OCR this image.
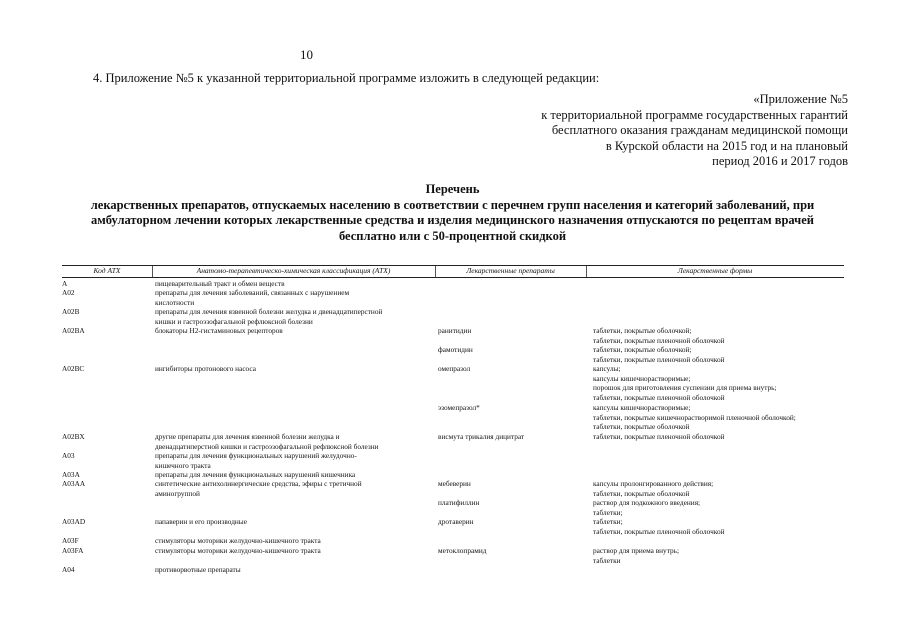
10
4. Приложение №5 к указанной территориальной программе изложить в следующей редакции:
«Приложение №5
к территориальной программе государственных гарантий
бесплатного оказания гражданам медицинской помощи
в Курской области на 2015 год и на плановый
период 2016 и 2017 годов
Перечень
лекарственных препаратов, отпускаемых населению в соответствии с перечнем групп населения и категорий заболеваний, при
амбулаторном лечении которых лекарственные средства и изделия медицинского назначения отпускаются по рецептам врачей
бесплатно или с 50-процентной скидкой
Код АТХ	Анатомо-терапевтическо-химическая классификация (АТХ)	Лекарственные препараты	Лекарственные формы
A	пищеварительный тракт и обмен веществ
A02	препараты для лечения заболеваний, связанных с нарушением
кислотности
A02B	препараты для лечения язвенной болезни желудка и двенадцатиперстной
кишки и гастроэзофагальной рефлюксной болезни
A02BA	блокаторы Н2-гистаминовых рецепторов	ранитидин	таблетки, покрытые оболочкой;
таблетки, покрытые пленочной оболочкой
фамотидин	таблетки, покрытые оболочкой;
таблетки, покрытые пленочной оболочкой
A02BC	ингибиторы протонового насоса	омепразол	капсулы;
капсулы кишечнорастворимые;
порошок для приготовления суспензии для приема внутрь;
таблетки, покрытые пленочной оболочкой
эзомепразол*	капсулы кишечнорастворимые;
таблетки, покрытые кишечнорастворимой пленочной оболочкой;
таблетки, покрытые оболочкой
A02BX	другие препараты для лечения язвенной болезни желудка и
двенадцатиперстной кишки и гастроэзофагальной рефлюксной болезни
висмута трикалия дицитрат	таблетки, покрытые пленочной оболочкой
A03	препараты для лечения функциональных нарушений желудочно-
кишечного тракта
A03A	препараты для лечения функциональных нарушений кишечника
A03AA	синтетические антихолинергические средства, эфиры с третичной
аминогруппой
мебеверин	капсулы пролонгированного действия;
таблетки, покрытые оболочкой
платифиллин	раствор для подкожного введения;
таблетки;
A03AD	папаверин и его производные	дротаверин	таблетки;
таблетки, покрытые пленочной оболочкой
A03F	стимуляторы моторики желудочно-кишечного тракта
A03FA	стимуляторы моторики желудочно-кишечного тракта	метоклопрамид	раствор для приема внутрь;
таблетки
A04	противорвотные препараты
